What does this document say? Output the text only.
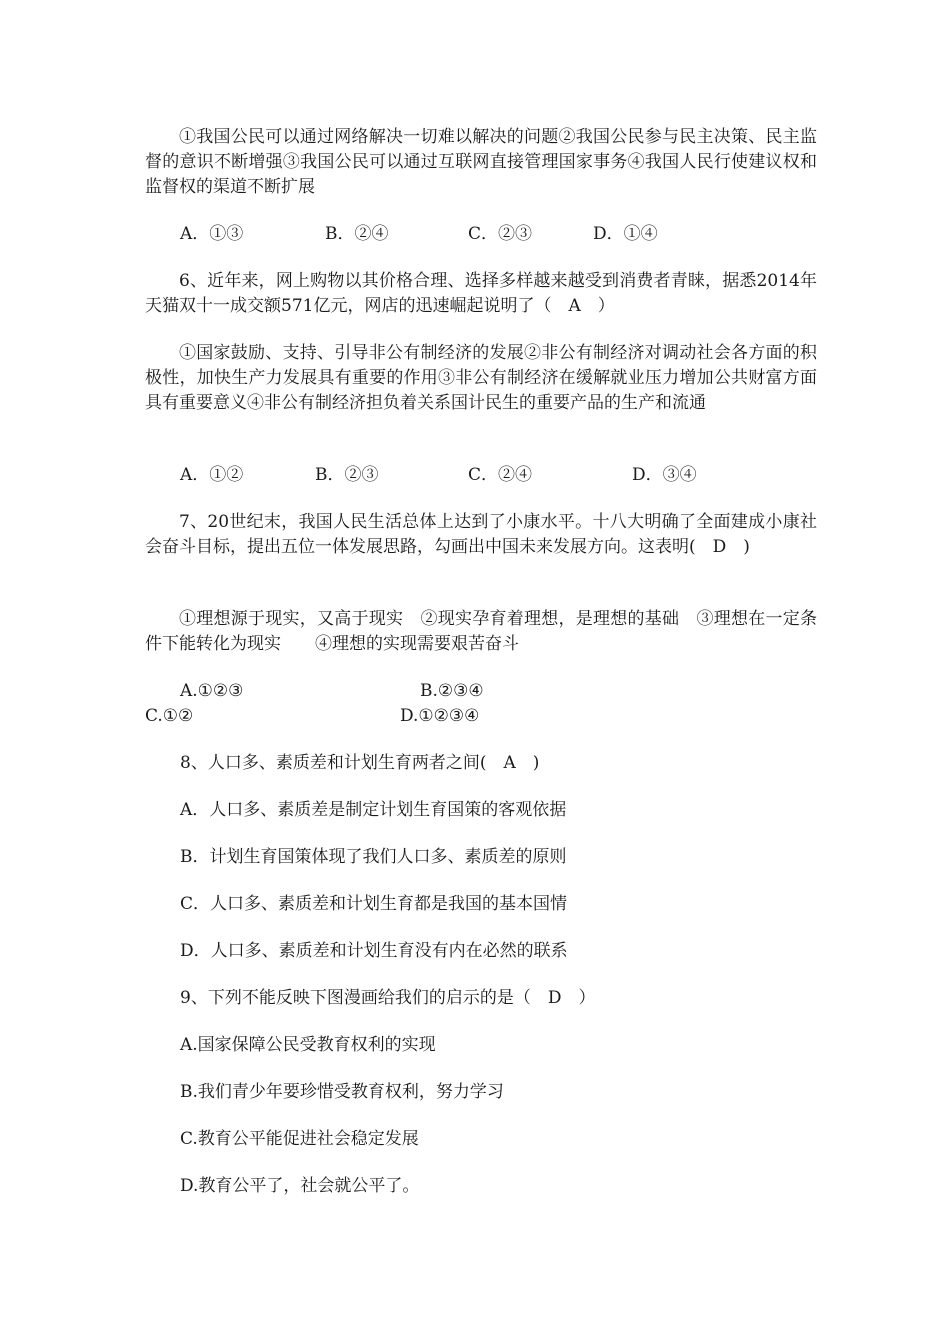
①我国公民可以通过网络解决一切难以解决的问题②我国公民参与民主决策、民主监督的意识不断增强③我国公民可以通过互联网直接管理国家事务④我国人民行使建议权和监督权的渠道不断扩展

A．①③	B．②④	C．②③	D．①④

6、近年来，网上购物以其价格合理、选择多样越来越受到消费者青睐，据悉2014年天猫双十一成交额571亿元，网店的迅速崛起说明了（　A　）

①国家鼓励、支持、引导非公有制经济的发展②非公有制经济对调动社会各方面的积极性，加快生产力发展具有重要的作用③非公有制经济在缓解就业压力增加公共财富方面具有重要意义④非公有制经济担负着关系国计民生的重要产品的生产和流通

A．①②	B．②③	C．②④	D．③④

7、20世纪末，我国人民生活总体上达到了小康水平。十八大明确了全面建成小康社会奋斗目标，提出五位一体发展思路，勾画出中国未来发展方向。这表明(　D　)

①理想源于现实，又高于现实　②现实孕育着理想，是理想的基础　③理想在一定条件下能转化为现实　　④理想的实现需要艰苦奋斗

A.①②③	B.②③④
C.①②	D.①②③④
8、人口多、素质差和计划生育两者之间(　A　)
A．人口多、素质差是制定计划生育国策的客观依据
B．计划生育国策体现了我们人口多、素质差的原则
C．人口多、素质差和计划生育都是我国的基本国情
D．人口多、素质差和计划生育没有内在必然的联系
9、下列不能反映下图漫画给我们的启示的是（　D　）
A.国家保障公民受教育权利的实现
B.我们青少年要珍惜受教育权利，努力学习
C.教育公平能促进社会稳定发展
D.教育公平了，社会就公平了。
